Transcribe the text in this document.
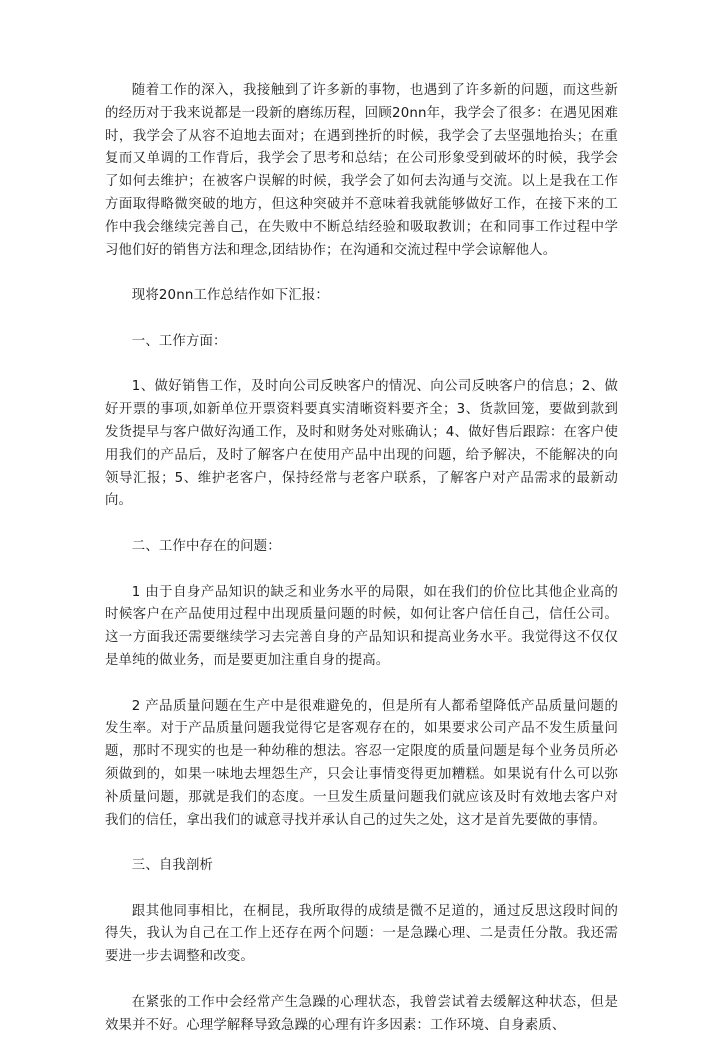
随着工作的深入，我接触到了许多新的事物，也遇到了许多新的问题，而这些新的经历对于我来说都是一段新的磨练历程，回顾20nn年，我学会了很多：在遇见困难时，我学会了从容不迫地去面对；在遇到挫折的时候，我学会了去坚强地抬头；在重复而又单调的工作背后，我学会了思考和总结；在公司形象受到破坏的时候，我学会了如何去维护；在被客户误解的时候，我学会了如何去沟通与交流。以上是我在工作方面取得略微突破的地方，但这种突破并不意味着我就能够做好工作，在接下来的工作中我会继续完善自己，在失败中不断总结经验和吸取教训；在和同事工作过程中学习他们好的销售方法和理念,团结协作；在沟通和交流过程中学会谅解他人。

现将20nn工作总结作如下汇报：

一、工作方面：

1、做好销售工作，及时向公司反映客户的情况、向公司反映客户的信息；2、做好开票的事项,如新单位开票资料要真实清晰资料要齐全；3、货款回笼，要做到款到发货提早与客户做好沟通工作，及时和财务处对账确认；4、做好售后跟踪：在客户使用我们的产品后，及时了解客户在使用产品中出现的问题，给予解决，不能解决的向领导汇报；5、维护老客户，保持经常与老客户联系，了解客户对产品需求的最新动向。

二、工作中存在的问题：

1 由于自身产品知识的缺乏和业务水平的局限，如在我们的价位比其他企业高的时候客户在产品使用过程中出现质量问题的时候，如何让客户信任自己，信任公司。这一方面我还需要继续学习去完善自身的产品知识和提高业务水平。我觉得这不仅仅是单纯的做业务，而是要更加注重自身的提高。

2 产品质量问题在生产中是很难避免的，但是所有人都希望降低产品质量问题的发生率。对于产品质量问题我觉得它是客观存在的，如果要求公司产品不发生质量问题，那时不现实的也是一种幼稚的想法。容忍一定限度的质量问题是每个业务员所必须做到的，如果一味地去埋怨生产，只会让事情变得更加糟糕。如果说有什么可以弥补质量问题，那就是我们的态度。一旦发生质量问题我们就应该及时有效地去客户对我们的信任，拿出我们的诚意寻找并承认自己的过失之处，这才是首先要做的事情。

三、自我剖析

跟其他同事相比，在桐昆，我所取得的成绩是微不足道的，通过反思这段时间的得失，我认为自己在工作上还存在两个问题：一是急躁心理、二是责任分散。我还需要进一步去调整和改变。

在紧张的工作中会经常产生急躁的心理状态，我曾尝试着去缓解这种状态，但是效果并不好。心理学解释导致急躁的心理有许多因素：工作环境、自身素质、
